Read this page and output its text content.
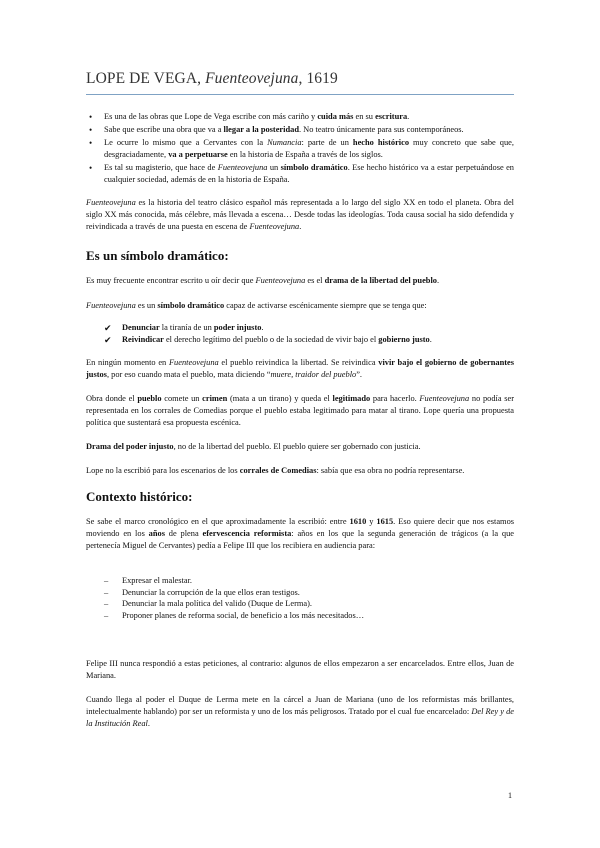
LOPE DE VEGA, Fuenteovejuna, 1619
• Es una de las obras que Lope de Vega escribe con más cariño y cuida más en su escritura.
• Sabe que escribe una obra que va a llegar a la posteridad. No teatro únicamente para sus contemporáneos.
• Le ocurre lo mismo que a Cervantes con la Numancia: parte de un hecho histórico muy concreto que sabe que, desgraciadamente, va a perpetuarse en la historia de España a través de los siglos.
• Es tal su magisterio, que hace de Fuenteovejuna un símbolo dramático. Ese hecho histórico va a estar perpetuándose en cualquier sociedad, además de en la historia de España.

Fuenteovejuna es la historia del teatro clásico español más representada a lo largo del siglo XX en todo el planeta. Obra del siglo XX más conocida, más célebre, más llevada a escena… Desde todas las ideologías. Toda causa social ha sido defendida y reivindicada a través de una puesta en escena de Fuenteovejuna.

Es un símbolo dramático:

Es muy frecuente encontrar escrito u oír decir que Fuenteovejuna es el drama de la libertad del pueblo.

Fuenteovejuna es un símbolo dramático capaz de activarse escénicamente siempre que se tenga que:

✔ Denunciar la tiranía de un poder injusto.
✔ Reivindicar el derecho legítimo del pueblo o de la sociedad de vivir bajo el gobierno justo.

En ningún momento en Fuenteovejuna el pueblo reivindica la libertad. Se reivindica vivir bajo el gobierno de gobernantes justos, por eso cuando mata el pueblo, mata diciendo “muere, traidor del pueblo”.

Obra donde el pueblo comete un crimen (mata a un tirano) y queda el legitimado para hacerlo. Fuenteovejuna no podía ser representada en los corrales de Comedias porque el pueblo estaba legitimado para matar al tirano. Lope quería una propuesta política que sustentará esa propuesta escénica.

Drama del poder injusto, no de la libertad del pueblo. El pueblo quiere ser gobernado con justicia.

Lope no la escribió para los escenarios de los corrales de Comedias: sabía que esa obra no podría representarse.

Contexto histórico:

Se sabe el marco cronológico en el que aproximadamente la escribió: entre 1610 y 1615. Eso quiere decir que nos estamos moviendo en los años de plena efervescencia reformista: años en los que la segunda generación de trágicos (a la que pertenecía Miguel de Cervantes) pedía a Felipe III que los recibiera en audiencia para:

– Expresar el malestar.
– Denunciar la corrupción de la que ellos eran testigos.
– Denunciar la mala política del valido (Duque de Lerma).
– Proponer planes de reforma social, de beneficio a los más necesitados…

Felipe III nunca respondió a estas peticiones, al contrario: algunos de ellos empezaron a ser encarcelados. Entre ellos, Juan de Mariana.

Cuando llega al poder el Duque de Lerma mete en la cárcel a Juan de Mariana (uno de los reformistas más brillantes, intelectualmente hablando) por ser un reformista y uno de los más peligrosos. Tratado por el cual fue encarcelado: Del Rey y de la Institución Real.

1
